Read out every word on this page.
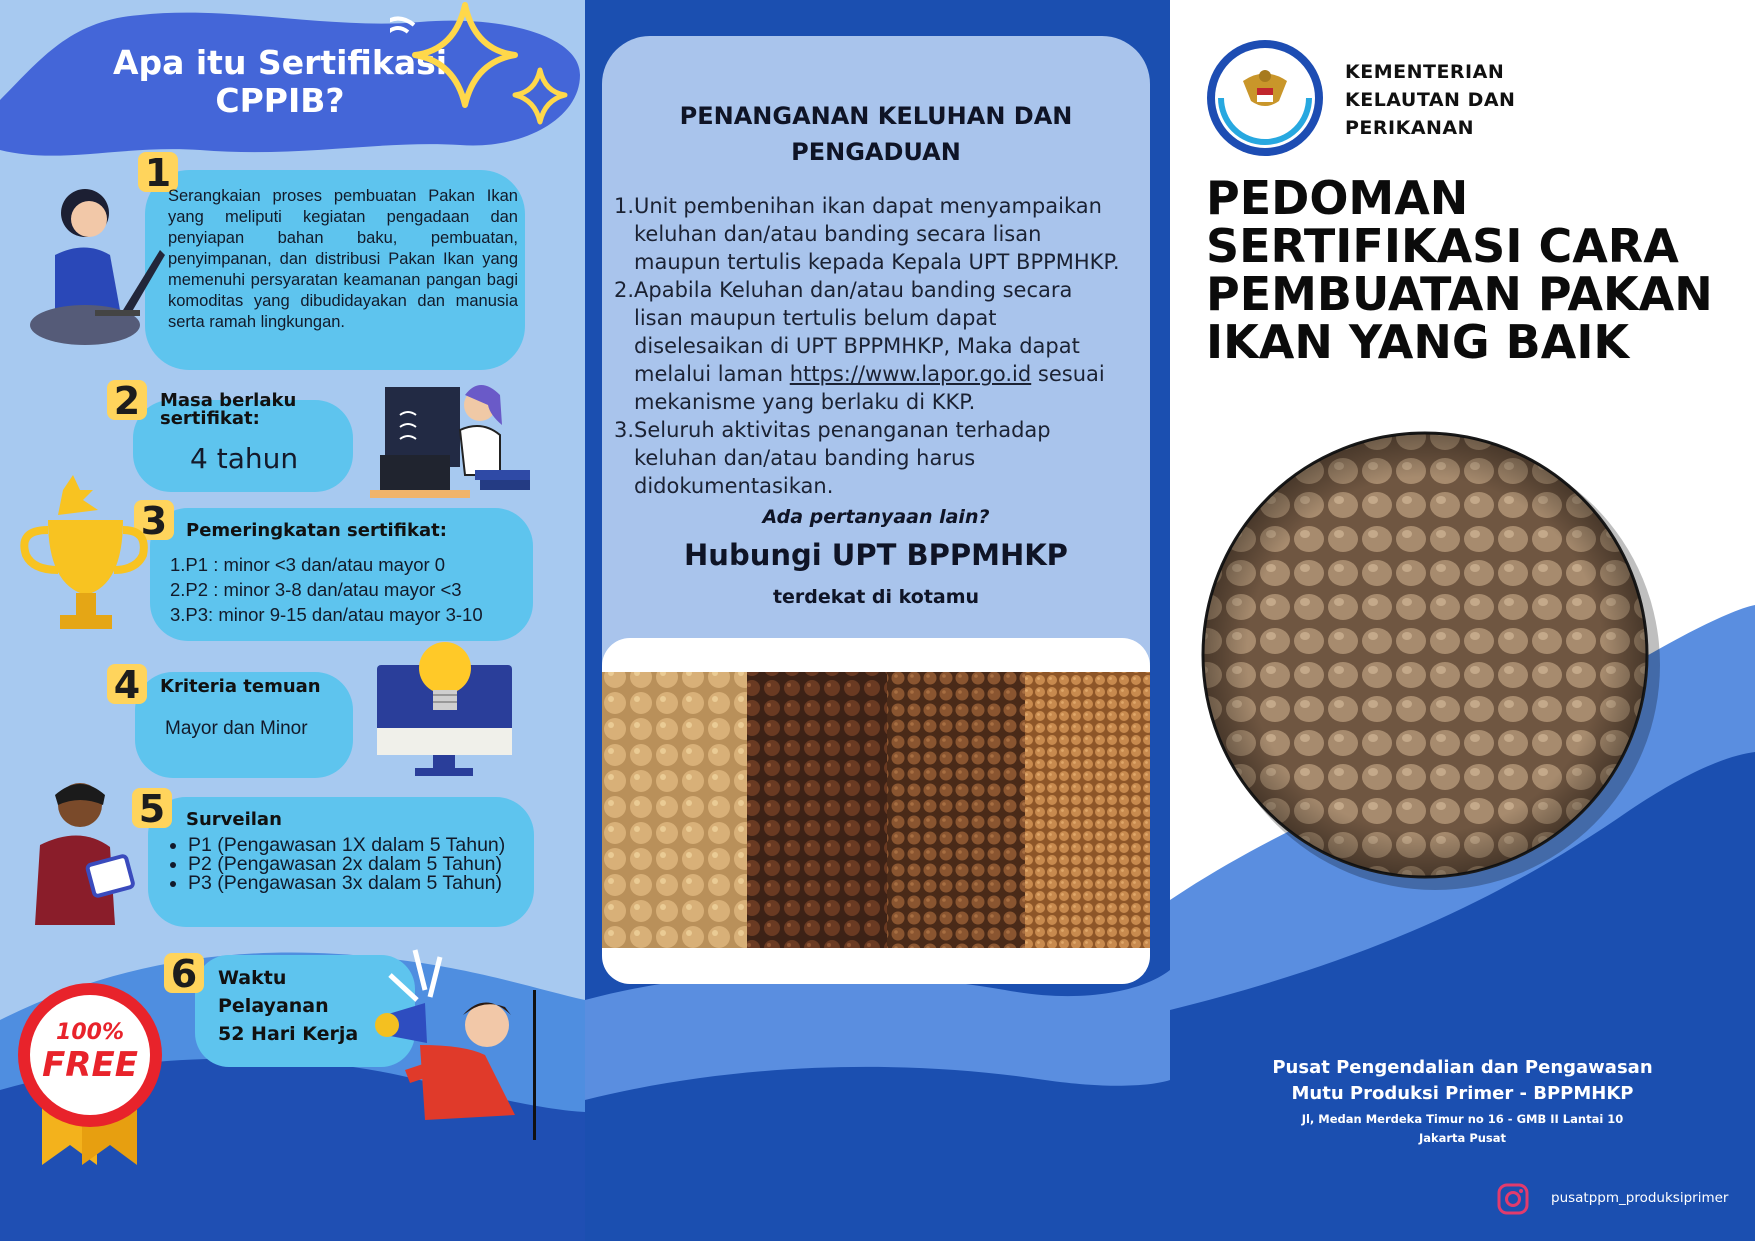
Apa itu Sertifikasi
CPPIB?
1
Serangkaian proses pembuatan Pakan Ikan yang meliputi kegiatan pengadaan dan penyiapan bahan baku, pembuatan, penyimpanan, dan distribusi Pakan Ikan yang memenuhi persyaratan keamanan pangan bagi komoditas yang dibudidayakan dan manusia serta ramah lingkungan.
2	Masa berlaku
sertifikat:
4 tahun
3	Pemeringkatan sertifikat:
1.P1 : minor <3 dan/atau mayor 0
2.P2 : minor 3-8 dan/atau mayor <3
3.P3: minor 9-15 dan/atau mayor 3-10
4	Kriteria temuan
Mayor dan Minor
5	Surveilan
• P1 (Pengawasan 1X dalam 5 Tahun)
• P2 (Pengawasan 2x dalam 5 Tahun)
• P3 (Pengawasan 3x dalam 5 Tahun)
6	Waktu
Pelayanan
52 Hari Kerja
100%
FREE
PENANGANAN KELUHAN DAN
PENGADUAN
1. Unit pembenihan ikan dapat menyampaikan keluhan dan/atau banding secara lisan maupun tertulis kepada Kepala UPT BPPMHKP.
2. Apabila Keluhan dan/atau banding secara lisan maupun tertulis belum dapat diselesaikan di UPT BPPMHKP, Maka dapat melalui laman https://www.lapor.go.id sesuai mekanisme yang berlaku di KKP.
3. Seluruh aktivitas penanganan terhadap keluhan dan/atau banding harus didokumentasikan.
Ada pertanyaan lain?
Hubungi UPT BPPMHKP
terdekat di kotamu
KEMENTERIAN
KELAUTAN DAN
PERIKANAN
PEDOMAN
SERTIFIKASI CARA
PEMBUATAN PAKAN
IKAN YANG BAIK
Pusat Pengendalian dan Pengawasan
Mutu Produksi Primer - BPPMHKP
Jl, Medan Merdeka Timur no 16 - GMB II Lantai 10
Jakarta Pusat
pusatppm_produksiprimer
